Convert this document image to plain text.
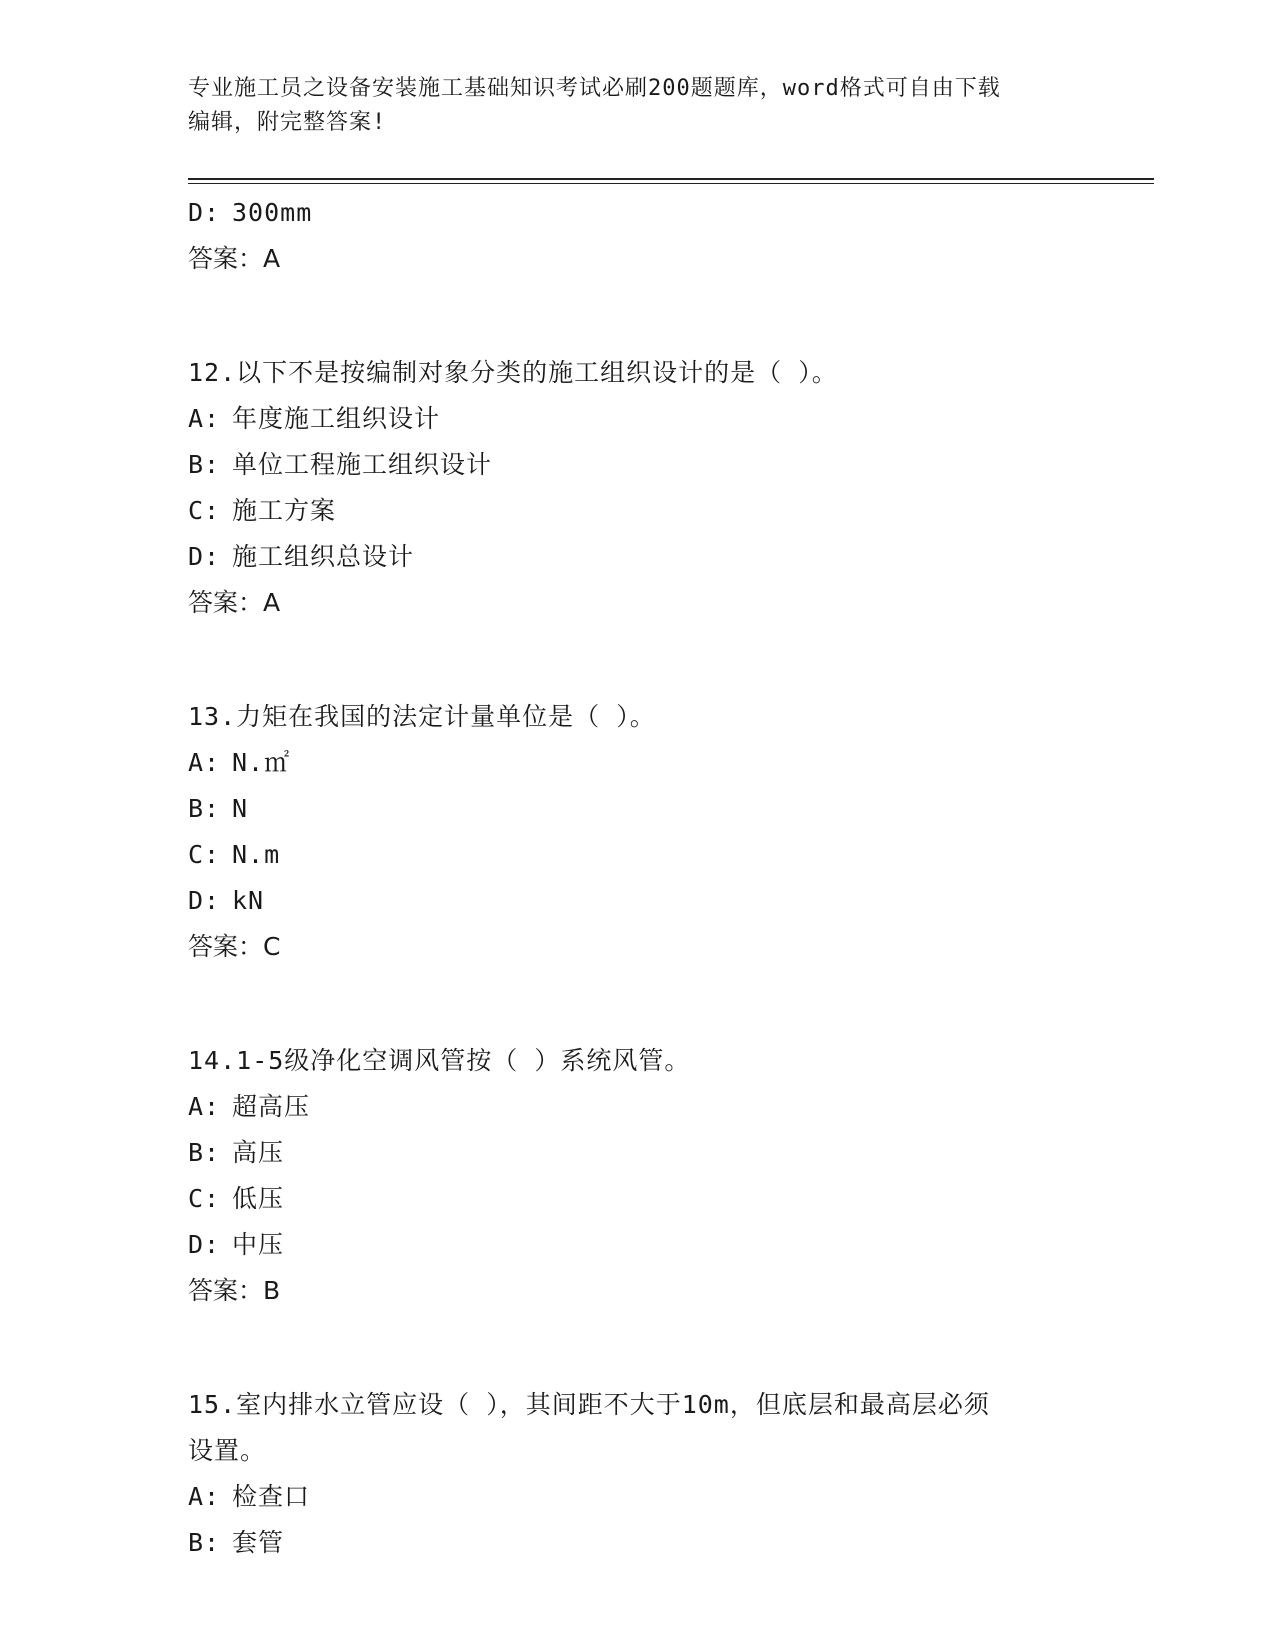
专业施工员之设备安装施工基础知识考试必刷200题题库，word格式可自由下载
编辑，附完整答案!
D: 300mm
答案：A
12.以下不是按编制对象分类的施工组织设计的是（ ）。
A: 年度施工组织设计
B: 单位工程施工组织设计
C: 施工方案
D: 施工组织总设计
答案：A
13.力矩在我国的法定计量单位是（ ）。
A: N.㎡
B: N
C: N.m
D: kN
答案：C
14.1-5级净化空调风管按（ ）系统风管。
A: 超高压
B: 高压
C: 低压
D: 中压
答案：B
15.室内排水立管应设（ ），其间距不大于10m，但底层和最高层必须
设置。
A: 检查口
B: 套管
